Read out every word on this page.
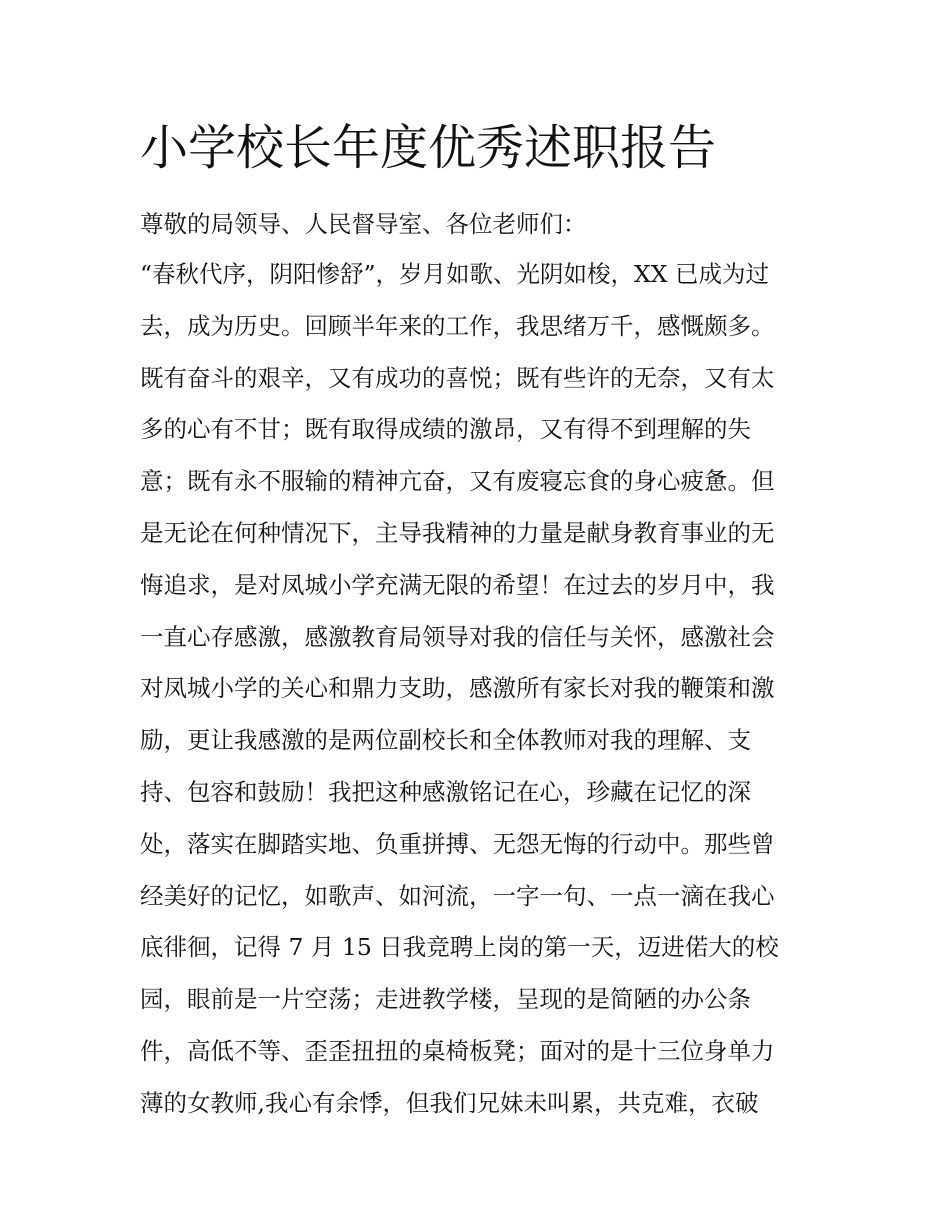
小学校长年度优秀述职报告

尊敬的局领导、人民督导室、各位老师们：

“春秋代序，阴阳惨舒”，岁月如歌、光阴如梭，XX 已成为过
去，成为历史。回顾半年来的工作，我思绪万千，感慨颇多。
既有奋斗的艰辛，又有成功的喜悦；既有些许的无奈，又有太
多的心有不甘；既有取得成绩的激昂，又有得不到理解的失
意；既有永不服输的精神亢奋，又有废寝忘食的身心疲惫。但
是无论在何种情况下，主导我精神的力量是献身教育事业的无
悔追求，是对凤城小学充满无限的希望！在过去的岁月中，我
一直心存感激，感激教育局领导对我的信任与关怀，感激社会
对凤城小学的关心和鼎力支助，感激所有家长对我的鞭策和激
励，更让我感激的是两位副校长和全体教师对我的理解、支
持、包容和鼓励！我把这种感激铭记在心，珍藏在记忆的深
处，落实在脚踏实地、负重拼搏、无怨无悔的行动中。那些曾
经美好的记忆，如歌声、如河流，一字一句、一点一滴在我心
底徘徊，记得 7 月 15 日我竞聘上岗的第一天，迈进偌大的校
园，眼前是一片空荡；走进教学楼，呈现的是简陋的办公条
件，高低不等、歪歪扭扭的桌椅板凳；面对的是十三位身单力
薄的女教师,我心有余悸，但我们兄妹未叫累，共克难，衣破
